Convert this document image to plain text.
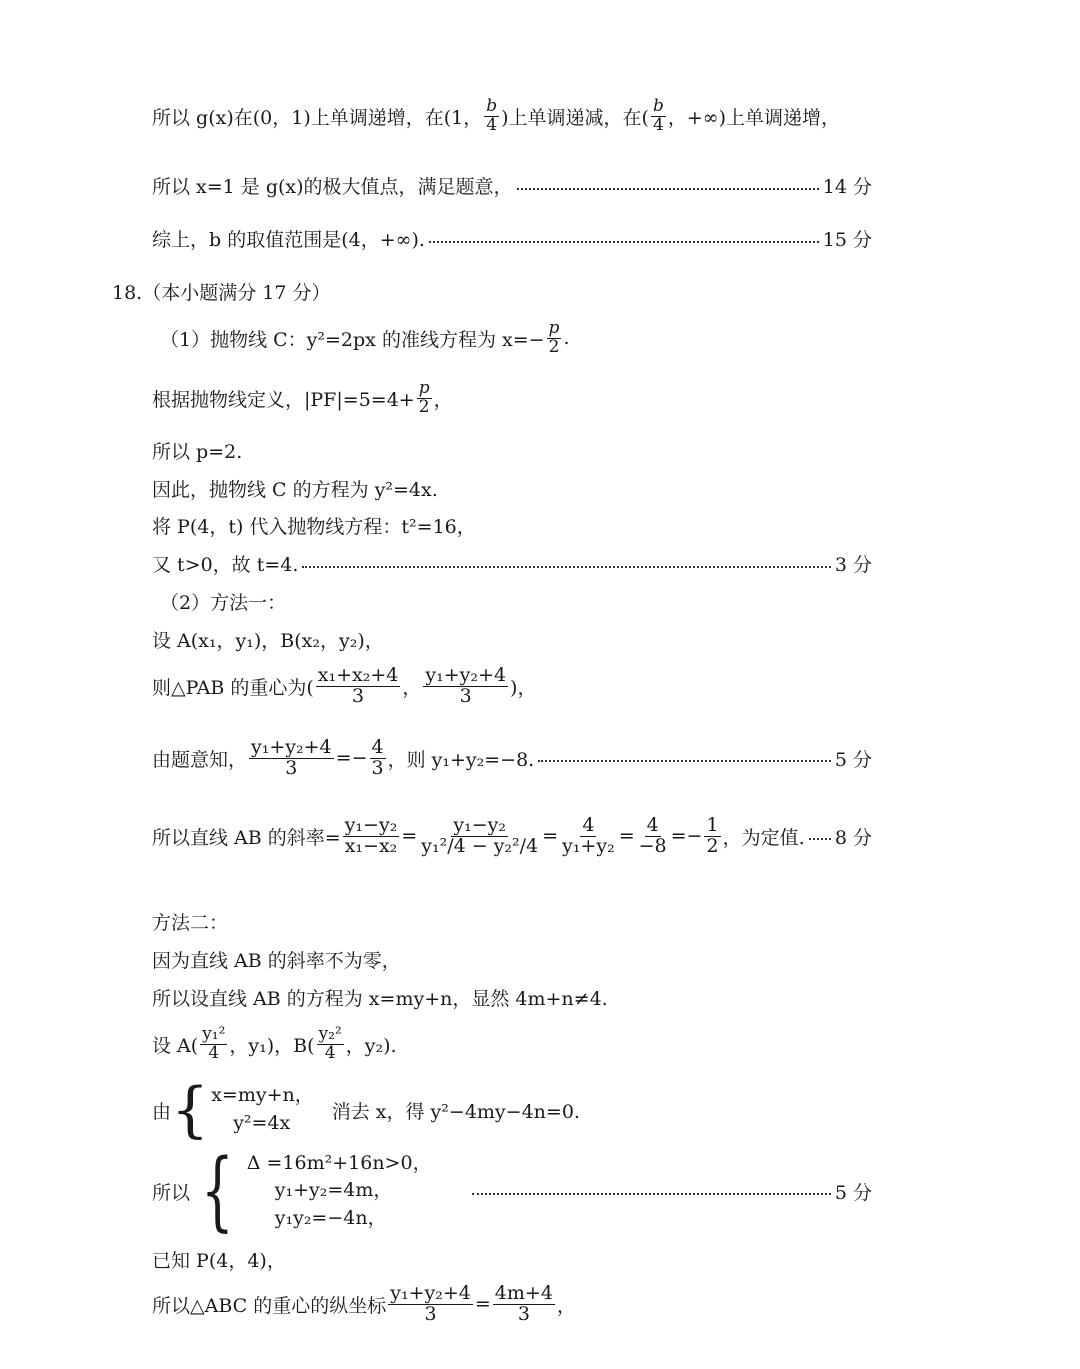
所以 g(x)在(0，1)上单调递增，在(1， $\frac{b}{4}$ )上单调递减，在( $\frac{b}{4}$ ，+∞)上单调递增，
所以 x=1 是 g(x)的极大值点，满足题意，	14 分
综上，b 的取值范围是(4，+∞).	15 分
18.（本小题满分 17 分）
（1）抛物线 C：y²=2px 的准线方程为 $x=- \frac{p}{2}$ .
根据抛物线定义，$|PF|=5=4+ \frac{p}{2}$ ，
所以 p=2.
因此，抛物线 C 的方程为 y²=4x.
将 P(4，t) 代入抛物线方程：t²=16，
又 t>0，故 t=4.	3 分
（2）方法一：
设 A(x₁，y₁)，B(x₂，y₂)，
则△PAB 的重心为( $\frac{\text{x₁+x₂+4}}{3}$ ， $\frac{\text{y₁+y₂+4}}{3}$ )，
由题意知， $\frac{\text{y₁+y₂+4}}{3} =- \frac{4}{3}$ ，则 y₁+y₂=−8.	5 分
所以直线 AB 的斜率= $\frac{\text{y₁−y₂}}{\text{x₁−x₂}} = \frac{\text{y₁−y₂}}{\text{y₁²/4 − y₂²/4}} = \frac{4}{\text{y₁+y₂}} = \frac{4}{-8} =- \frac{1}{2}$ ，为定值. 8 分
方法二：
因为直线 AB 的斜率不为零，
所以设直线 AB 的方程为 x=my+n，显然 4m+n≠4.
设 $A( \frac{\text{y₁²}}{4}$ ，y₁)，$B( \frac{\text{y₂²}}{4}$ ，y₂).
由 { x=my+n，
y²=4x
消去 x，得 y²−4my−4n=0.
所以 { Δ =16m²+16n>0，
y₁+y₂=4m，
y₁y₂=−4n，
5 分
已知 P(4，4)，
所以△ABC 的重心的纵坐标 $\frac{\text{y₁+y₂+4}}{3} = \frac{4m+4}{3}$ ，
